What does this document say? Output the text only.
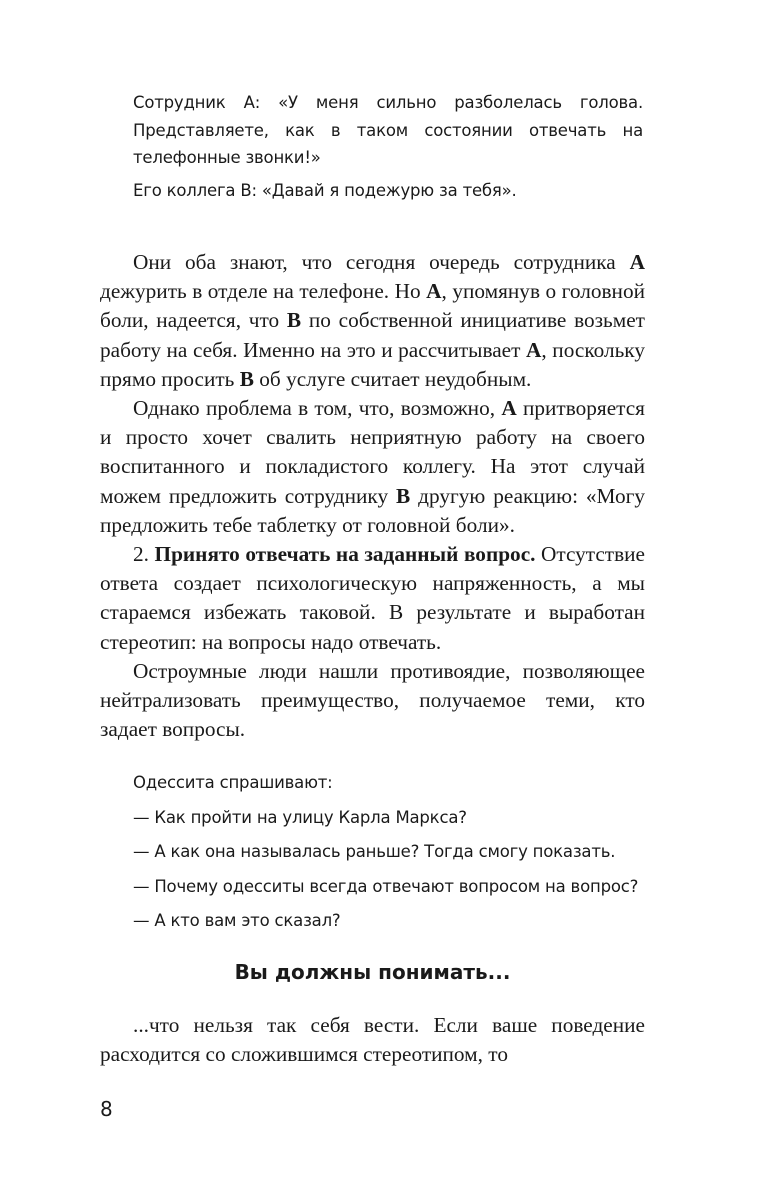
Сотрудник А: «У меня сильно разболелась голова. Представляете, как в таком состоянии отвечать на телефонные звонки!»

Его коллега В: «Давай я подежурю за тебя».

Они оба знают, что сегодня очередь сотрудника А дежурить в отделе на телефоне. Но А, упомянув о головной боли, надеется, что В по собственной инициативе возьмет работу на себя. Именно на это и рассчитывает А, поскольку прямо просить В об услуге считает неудобным.

Однако проблема в том, что, возможно, А притворяется и просто хочет свалить неприятную работу на своего воспитанного и покладистого коллегу. На этот случай можем предложить сотруднику В другую реакцию: «Могу предложить тебе таблетку от головной боли».

2. Принято отвечать на заданный вопрос. Отсутствие ответа создает психологическую напряженность, а мы стараемся избежать таковой. В результате и выработан стереотип: на вопросы надо отвечать.

Остроумные люди нашли противоядие, позволяющее нейтрализовать преимущество, получаемое теми, кто задает вопросы.

Одессита спрашивают:

— Как пройти на улицу Карла Маркса?

— А как она называлась раньше? Тогда смогу показать.

— Почему одесситы всегда отвечают вопросом на вопрос?

— А кто вам это сказал?

Вы должны понимать...

...что нельзя так себя вести. Если ваше поведение расходится со сложившимся стереотипом, то

8
